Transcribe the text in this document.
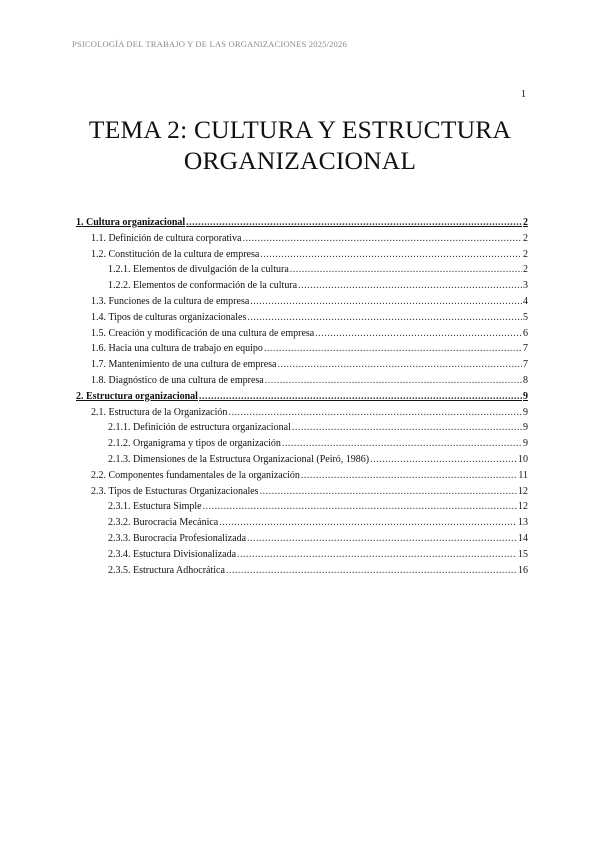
PSICOLOGÍA DEL TRABAJO Y DE LAS ORGANIZACIONES 2025/2026
1
TEMA 2: CULTURA Y ESTRUCTURA
ORGANIZACIONAL
1. Cultura organizacional .....	2
1.1. Definición de cultura corporativa .....	2
1.2. Constitución de la cultura de empresa .....	2
1.2.1. Elementos de divulgación de la cultura .....	2
1.2.2. Elementos de conformación de la cultura .....	3
1.3. Funciones de la cultura de empresa .....	4
1.4. Tipos de culturas organizacionales .....	5
1.5. Creación y modificación de una cultura de empresa .....	6
1.6. Hacia una cultura de trabajo en equipo .....	7
1.7. Mantenimiento de una cultura de empresa .....	7
1.8. Diagnóstico de una cultura de empresa .....	8
2. Estructura organizacional .....	9
2.1. Estructura de la Organización .....	9
2.1.1. Definición de estructura organizacional .....	9
2.1.2. Organigrama y tipos de organización .....	9
2.1.3. Dimensiones de la Estructura Organizacional (Peiró, 1986) .....	10
2.2. Componentes fundamentales de la organización .....	11
2.3. Tipos de Estucturas Organizacionales .....	12
2.3.1. Estuctura Simple .....	12
2.3.2. Burocracia Mecánica .....	13
2.3.3. Burocracia Profesionalizada .....	14
2.3.4. Estuctura Divisionalizada .....	15
2.3.5. Estructura Adhocrática .....	16
